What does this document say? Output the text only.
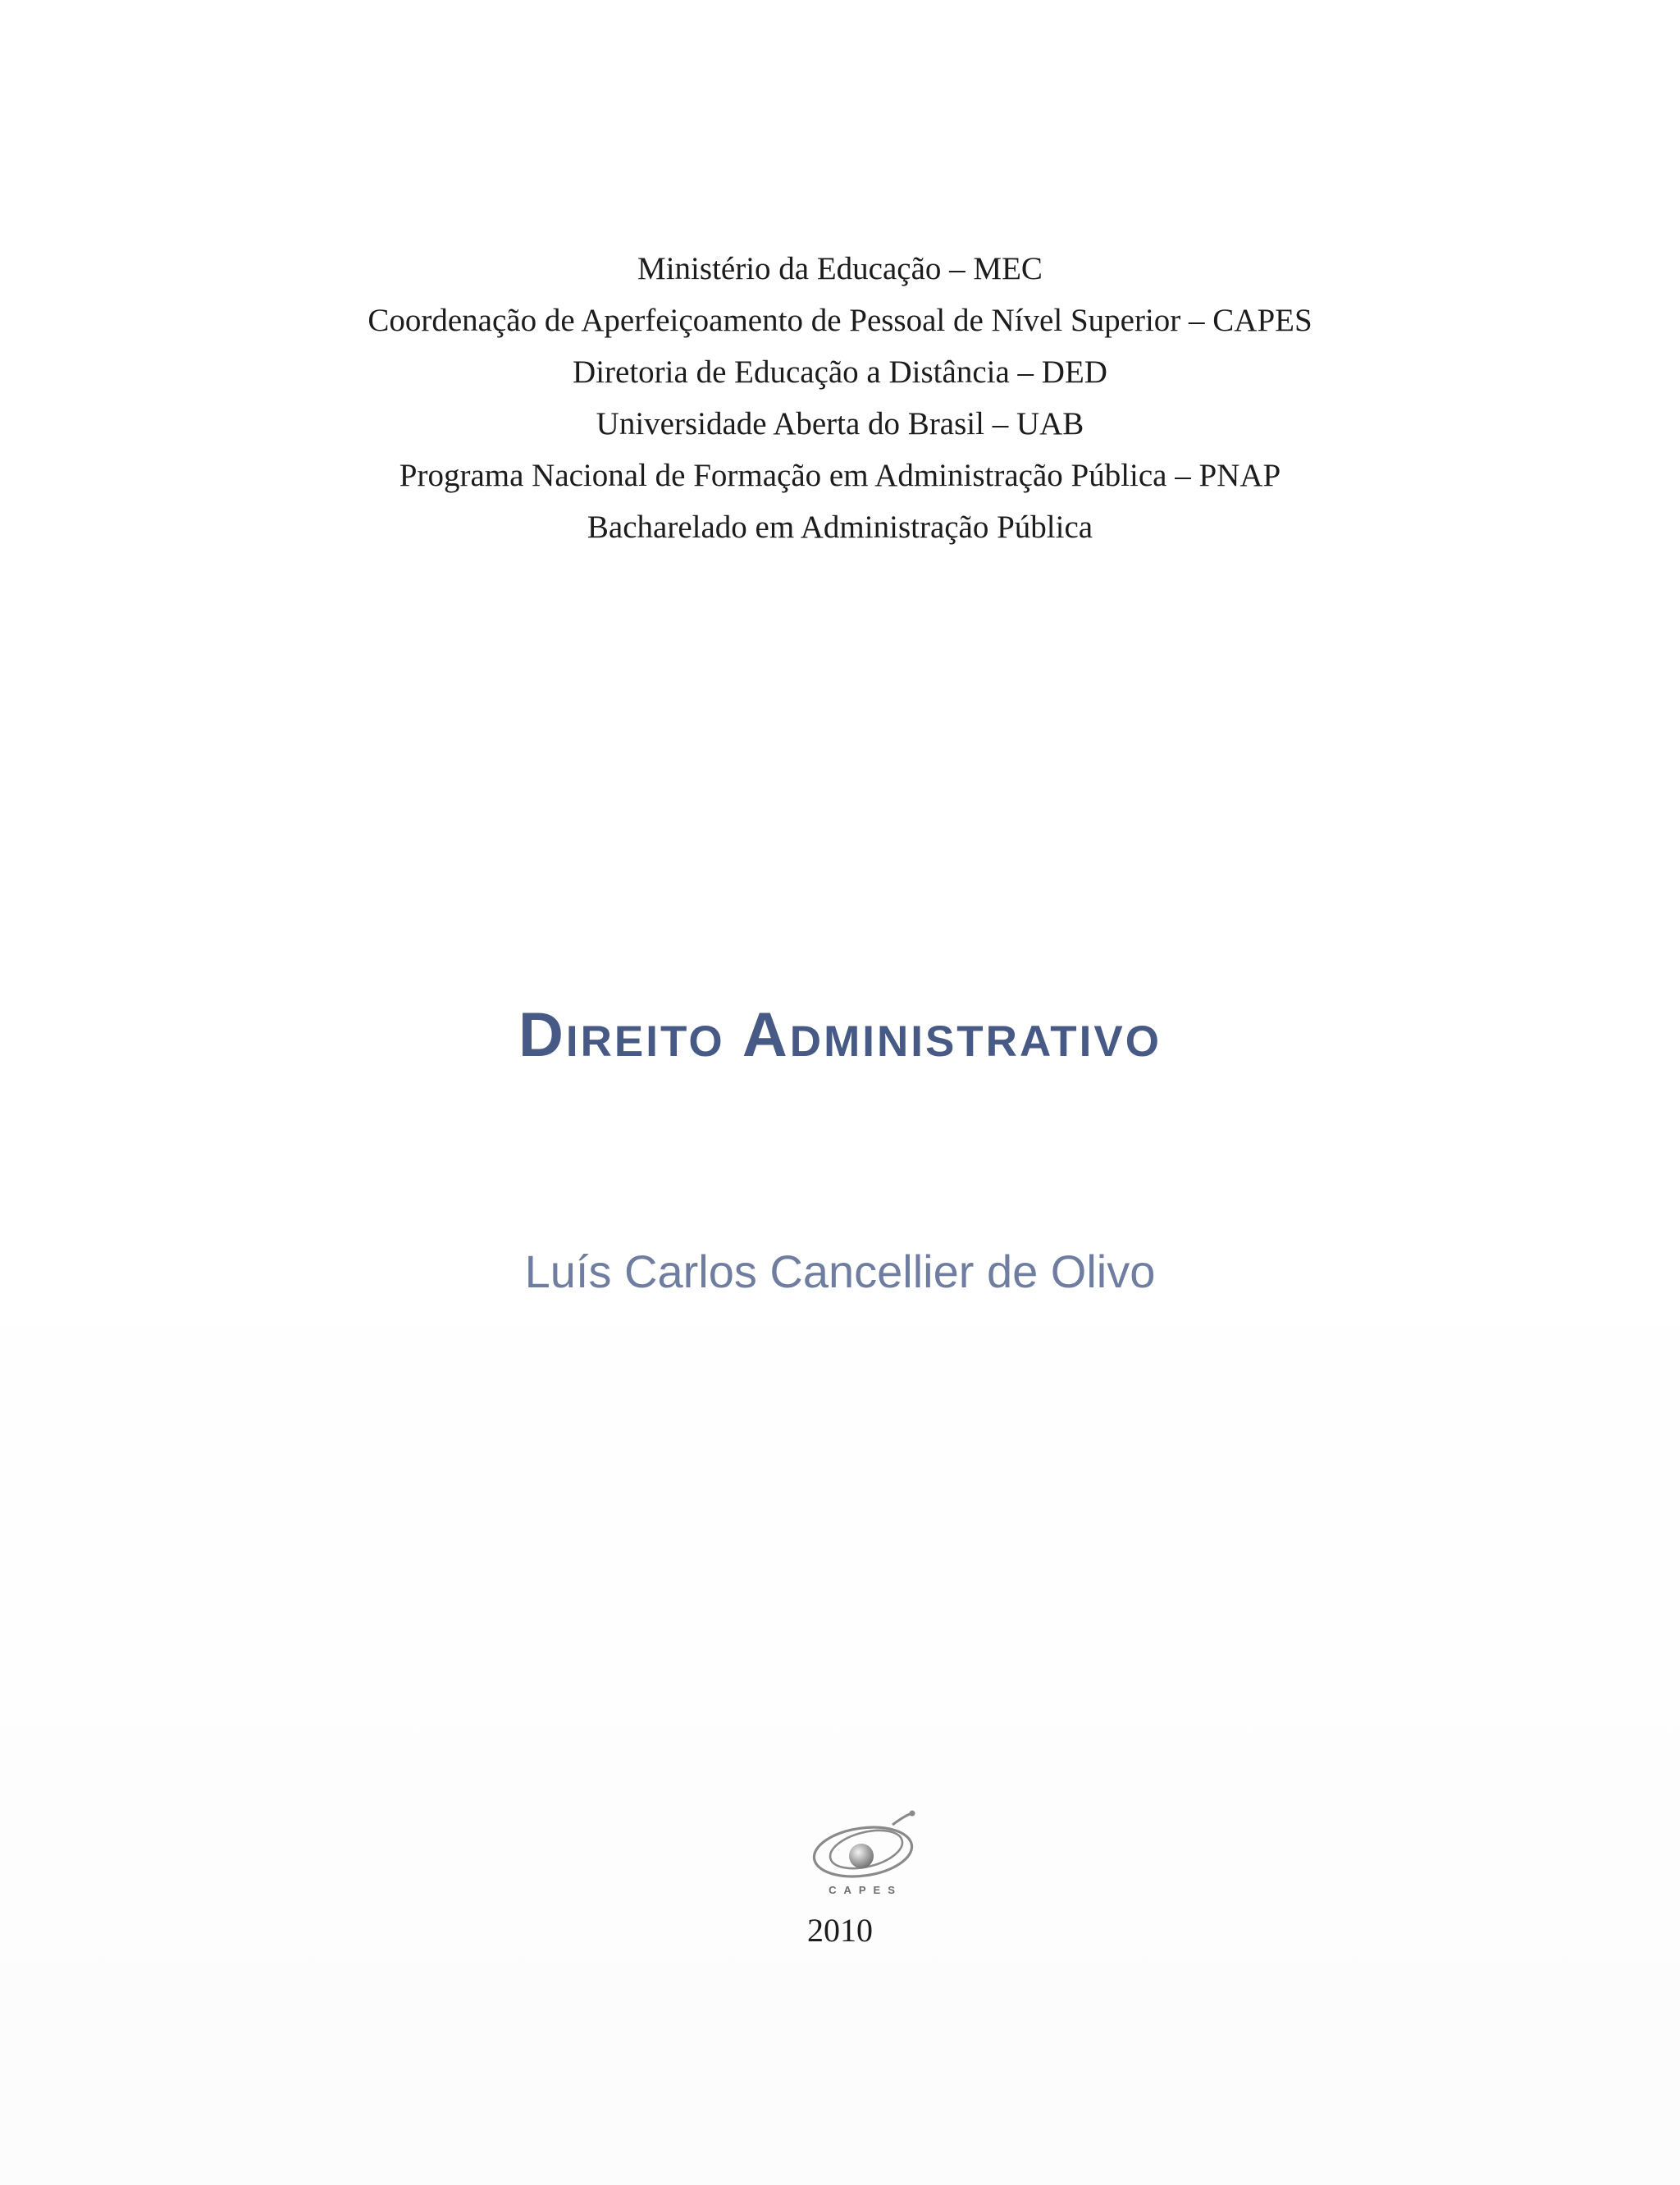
Ministério da Educação – MEC
Coordenação de Aperfeiçoamento de Pessoal de Nível Superior – CAPES
Diretoria de Educação a Distância – DED
Universidade Aberta do Brasil – UAB
Programa Nacional de Formação em Administração Pública – PNAP
Bacharelado em Administração Pública
Direito Administrativo
Luís Carlos Cancellier de Olivo
CAPES
2010
